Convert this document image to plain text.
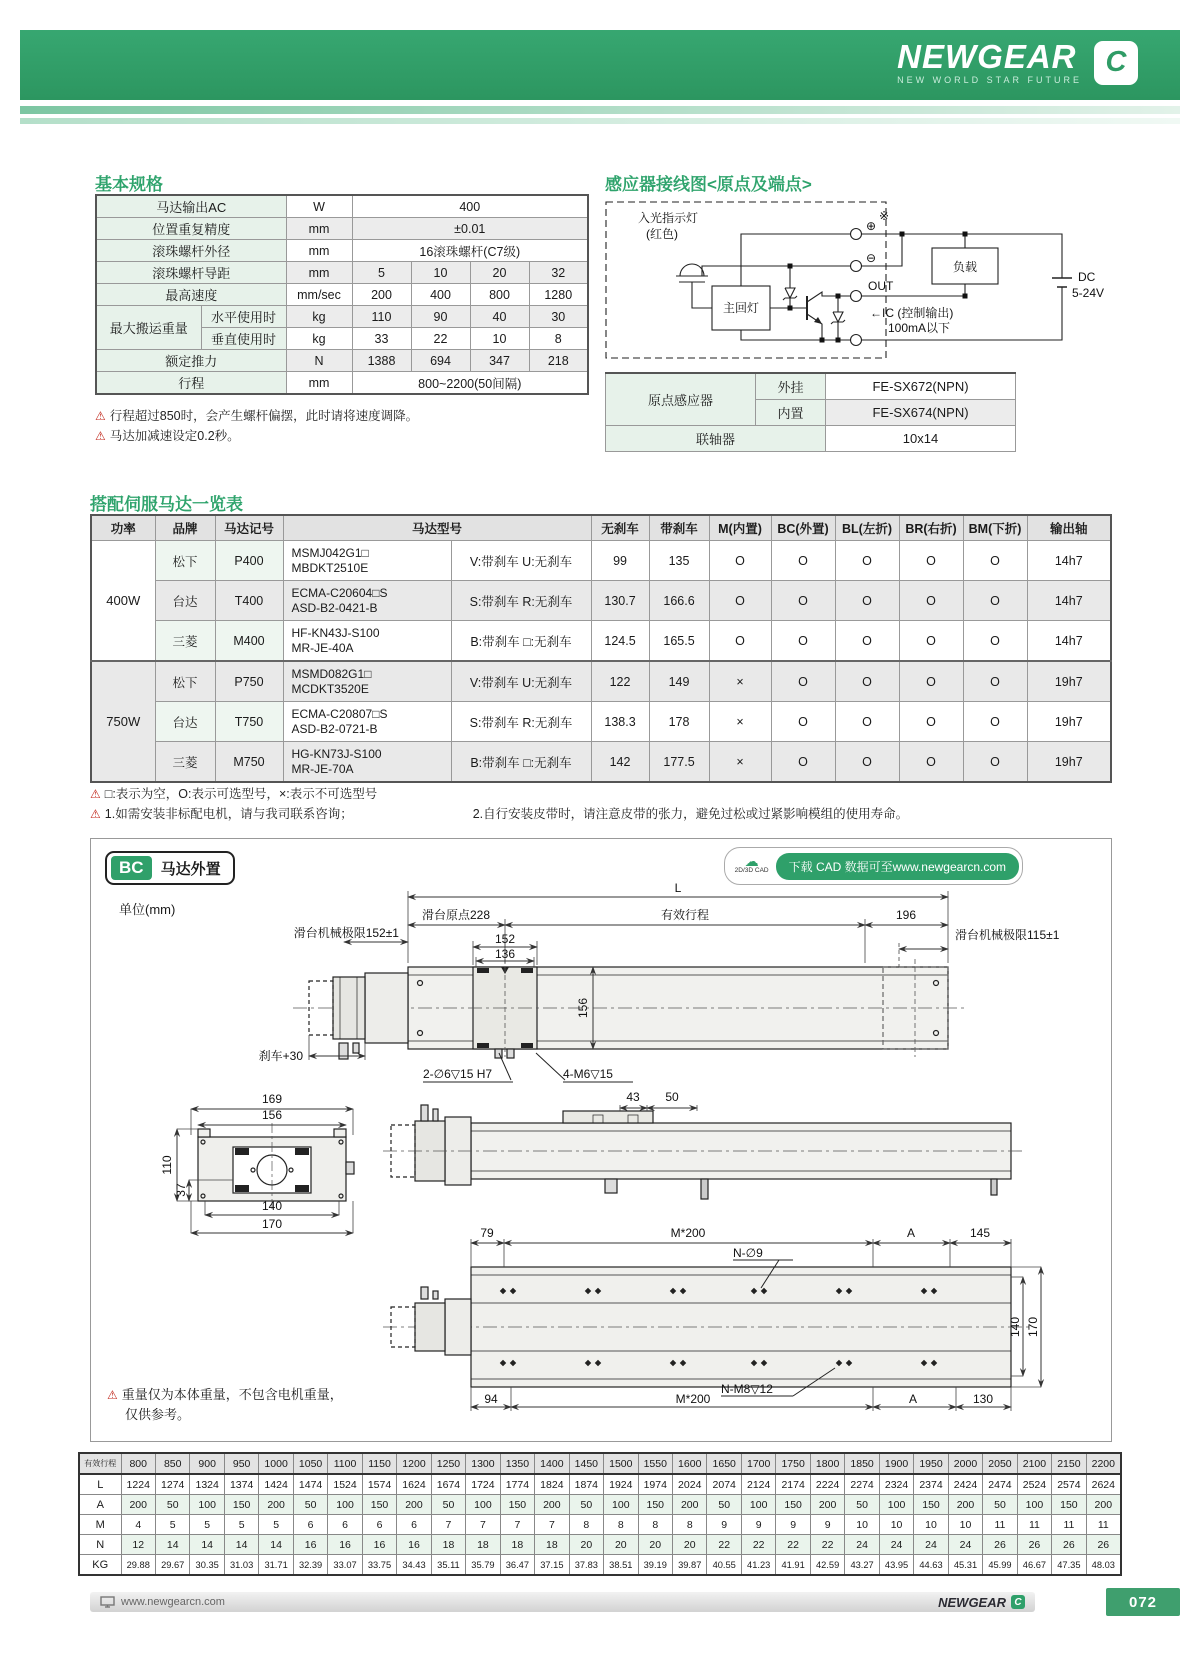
NEWGEAR
NEW WORLD STAR FUTURE
C
基本规格
马达输出AC		W	400			
位置重复精度		mm	±0.01			
滚珠螺杆外径		mm	16滚珠螺杆(C7级)			
滚珠螺杆导距		mm	5	10	20	32
最高速度		mm/sec	200	400	800	1280
最大搬运重量	水平使用时	kg	110	90	40	30
	垂直使用时	kg	33	22	10	8
额定推力		N	1388	694	347	218
行程		mm	800~2200(50间隔)			
⚠ 行程超过850时，会产生螺杆偏摆，此时请将速度调降。
⚠ 马达加减速设定0.2秒。
感应器接线图<原点及端点>
入光指示灯
(红色)
主回灯
⊕
※
⊖
OUT
←IC (控制输出)
100mA以下
负载
DC
5-24V
原点感应器	外挂	FE-SX672(NPN)
	内置	FE-SX674(NPN)
联轴器		10x14
搭配伺服马达一览表
功率	品牌	马达记号	马达型号		无刹车	带刹车	M(内置)	BC(外置)	BL(左折)	BR(右折)	BM(下折)	输出轴
400W	松下	P400	MSMJ042G1□
MBDKT2510E	V:带刹车 U:无刹车	99	135	O	O	O	O	O	14h7
	台达	T400	ECMA-C20604□S
ASD-B2-0421-B	S:带刹车 R:无刹车	130.7	166.6	O	O	O	O	O	14h7
	三菱	M400	HF-KN43J-S100
MR-JE-40A	B:带刹车 □:无刹车	124.5	165.5	O	O	O	O	O	14h7
750W	松下	P750	MSMD082G1□
MCDKT3520E	V:带刹车 U:无刹车	122	149	×	O	O	O	O	19h7
	台达	T750	ECMA-C20807□S
ASD-B2-0721-B	S:带刹车 R:无刹车	138.3	178	×	O	O	O	O	19h7
	三菱	M750	HG-KN73J-S100
MR-JE-70A	B:带刹车 □:无刹车	142	177.5	×	O	O	O	O	19h7
⚠ □:表示为空，O:表示可选型号，×:表示不可选型号
⚠ 1.如需安装非标配电机，请与我司联系咨询；	2.自行安装皮带时，请注意皮带的张力，避免过松或过紧影响模组的使用寿命。
BC	马达外置
单位(mm)
☁
2D/3D CAD	下载 CAD 数据可至www.newgearcn.com
L
滑台原点228	有效行程	196
滑台机械极限152±1	152
136
滑台机械极限115±1
156
刹车+30
2-∅6▽15 H7	4-M6▽15
169
156
110
37
140
170
43 50
79	M*200	A	145
N-∅9
140 170
N-M8▽12
94	M*200	A	130
⚠ 重量仅为本体重量，不包含电机重量，
仅供参考。
有效行程	800	850	900	950	1000	1050	1100	1150	1200	1250	1300	1350	1400	1450	1500	1550	1600	1650	1700	1750	1800	1850	1900	1950	2000	2050	2100	2150	2200
L	1224	1274	1324	1374	1424	1474	1524	1574	1624	1674	1724	1774	1824	1874	1924	1974	2024	2074	2124	2174	2224	2274	2324	2374	2424	2474	2524	2574	2624
A	200	50	100	150	200	50	100	150	200	50	100	150	200	50	100	150	200	50	100	150	200	50	100	150	200	50	100	150	200
M	4	5	5	5	5	6	6	6	6	7	7	7	7	8	8	8	8	9	9	9	9	10	10	10	10	11	11	11	11
N	12	14	14	14	14	16	16	16	16	18	18	18	18	20	20	20	20	22	22	22	22	24	24	24	24	26	26	26	26
KG	29.88	29.67	30.35	31.03	31.71	32.39	33.07	33.75	34.43	35.11	35.79	36.47	37.15	37.83	38.51	39.19	39.87	40.55	41.23	41.91	42.59	43.27	43.95	44.63	45.31	45.99	46.67	47.35	48.03
www.newgearcn.com	NEWGEAR C	072
